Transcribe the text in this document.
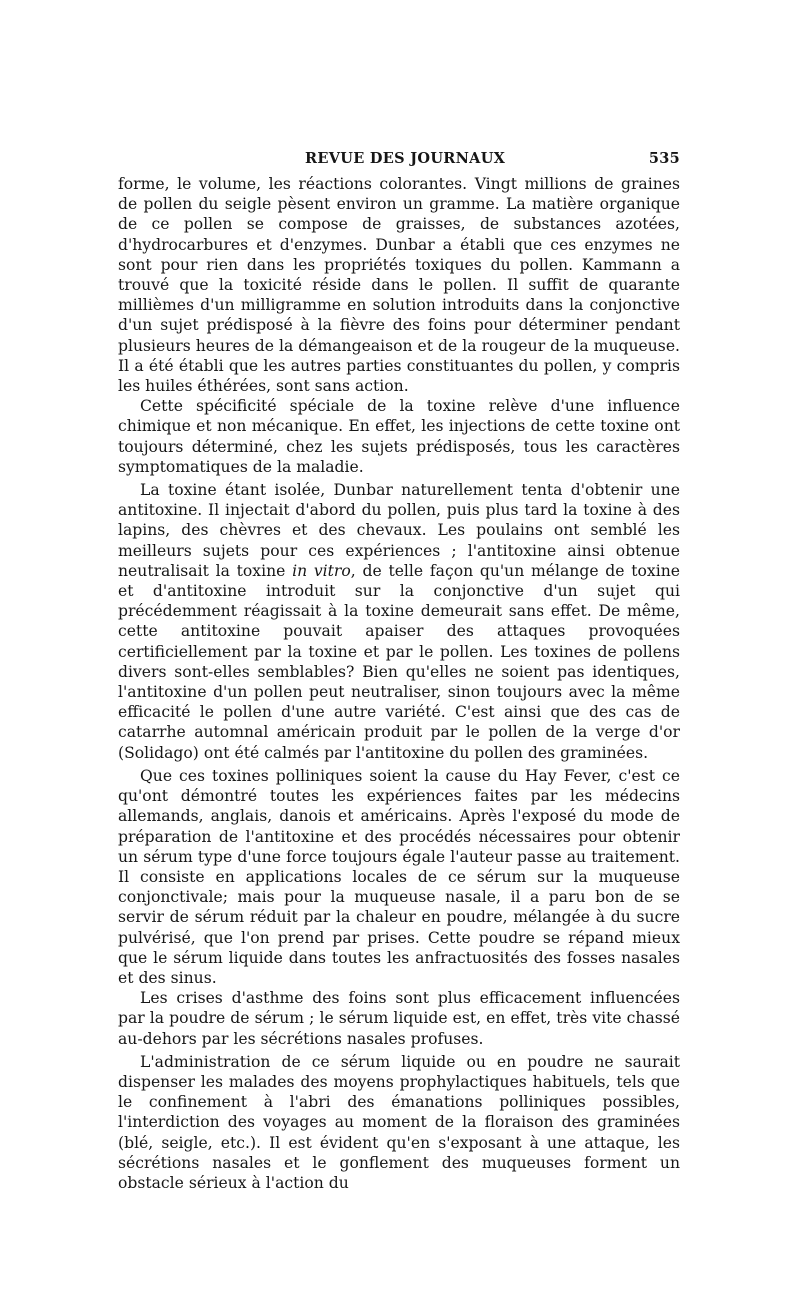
REVUE DES JOURNAUX	535

forme, le volume, les réactions colorantes. Vingt millions de graines de pollen du seigle pèsent environ un gramme. La matière organique de ce pollen se compose de graisses, de substances azotées, d'hydrocarbures et d'enzymes. Dunbar a établi que ces enzymes ne sont pour rien dans les propriétés toxiques du pollen. Kammann a trouvé que la toxicité réside dans le pollen. Il suffit de quarante millièmes d'un milligramme en solution introduits dans la conjonctive d'un sujet prédisposé à la fièvre des foins pour déterminer pendant plusieurs heures de la démangeaison et de la rougeur de la muqueuse. Il a été établi que les autres parties constituantes du pollen, y compris les huiles éthérées, sont sans action.

Cette spécificité spéciale de la toxine relève d'une influence chimique et non mécanique. En effet, les injections de cette toxine ont toujours déterminé, chez les sujets prédisposés, tous les caractères symptomatiques de la maladie.

La toxine étant isolée, Dunbar naturellement tenta d'obtenir une antitoxine. Il injectait d'abord du pollen, puis plus tard la toxine à des lapins, des chèvres et des chevaux. Les poulains ont semblé les meilleurs sujets pour ces expériences ; l'antitoxine ainsi obtenue neutralisait la toxine in vitro, de telle façon qu'un mélange de toxine et d'antitoxine introduit sur la conjonctive d'un sujet qui précédemment réagissait à la toxine demeurait sans effet. De même, cette antitoxine pouvait apaiser des attaques provoquées certificiellement par la toxine et par le pollen. Les toxines de pollens divers sont-elles semblables? Bien qu'elles ne soient pas identiques, l'antitoxine d'un pollen peut neutraliser, sinon toujours avec la même efficacité le pollen d'une autre variété. C'est ainsi que des cas de catarrhe automnal américain produit par le pollen de la verge d'or (Solidago) ont été calmés par l'antitoxine du pollen des graminées.

Que ces toxines polliniques soient la cause du Hay Fever, c'est ce qu'ont démontré toutes les expériences faites par les médecins allemands, anglais, danois et américains. Après l'exposé du mode de préparation de l'antitoxine et des procédés nécessaires pour obtenir un sérum type d'une force toujours égale l'auteur passe au traitement. Il consiste en applications locales de ce sérum sur la muqueuse conjonctivale; mais pour la muqueuse nasale, il a paru bon de se servir de sérum réduit par la chaleur en poudre, mélangée à du sucre pulvérisé, que l'on prend par prises. Cette poudre se répand mieux que le sérum liquide dans toutes les anfractuosités des fosses nasales et des sinus.

Les crises d'asthme des foins sont plus efficacement influencées par la poudre de sérum ; le sérum liquide est, en effet, très vite chassé au-dehors par les sécrétions nasales profuses.

L'administration de ce sérum liquide ou en poudre ne saurait dispenser les malades des moyens prophylactiques habituels, tels que le confinement à l'abri des émanations polliniques possibles, l'interdiction des voyages au moment de la floraison des graminées (blé, seigle, etc.). Il est évident qu'en s'exposant à une attaque, les sécrétions nasales et le gonflement des muqueuses forment un obstacle sérieux à l'action du
